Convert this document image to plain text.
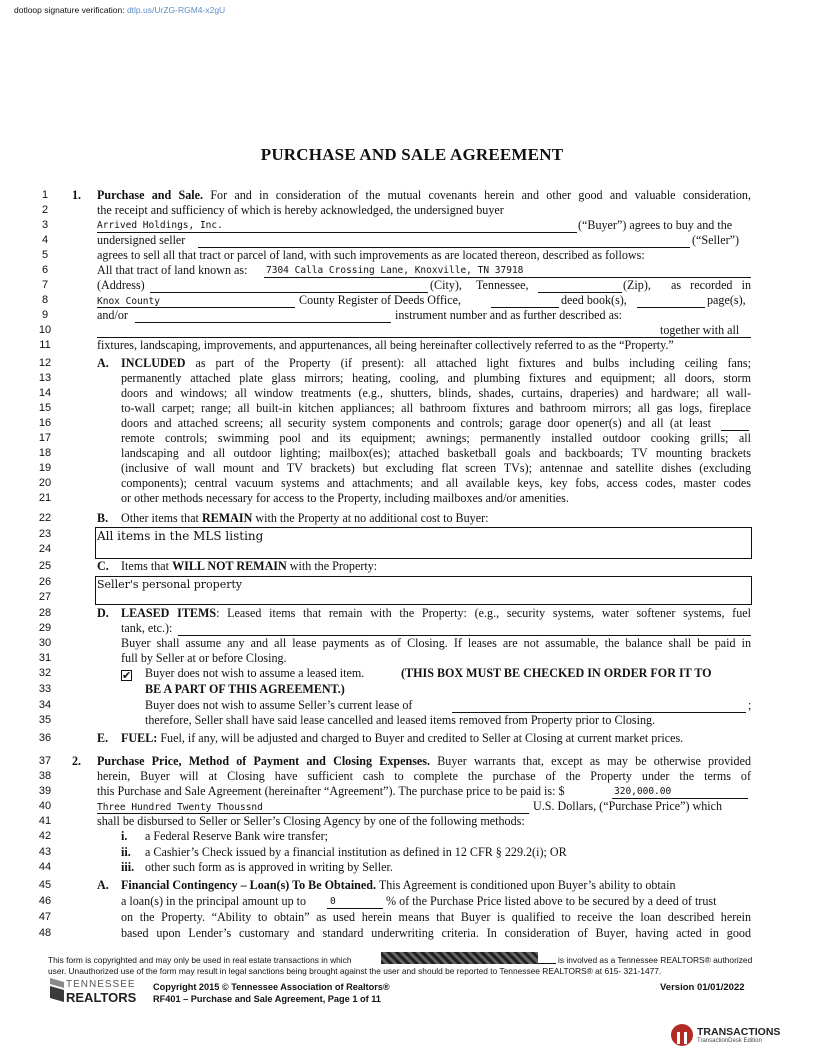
dotloop signature verification: dtlp.us/UrZG-RGM4-x2gU
PURCHASE AND SALE AGREEMENT
1
2
3
4
5
6
7
8
9
10
11
12
13
14
15
16
17
18
19
20
21
22
23
24
25
26
27
28
29
30
31
32
33
34
35
36
37
38
39
40
41
42
43
44
45
46
47
48
1. Purchase and Sale. For and in consideration of the mutual covenants herein and other good and valuable consideration,
the receipt and sufficiency of which is hereby acknowledged, the undersigned buyer
Arrived Holdings, Inc.	(“Buyer”) agrees to buy and the
undersigned seller	(“Seller”)
agrees to sell all that tract or parcel of land, with such improvements as are located thereon, described as follows:
All that tract of land known as: 7304 Calla Crossing Lane, Knoxville, TN 37918
(Address)	(City), Tennessee,	(Zip), as recorded in
Knox County	County Register of Deeds Office,	deed book(s),	page(s),
and/or	instrument number and as further described as:
together with all
fixtures, landscaping, improvements, and appurtenances, all being hereinafter collectively referred to as the “Property.”
A. INCLUDED as part of the Property (if present): all attached light fixtures and bulbs including ceiling fans;
permanently attached plate glass mirrors; heating, cooling, and plumbing fixtures and equipment; all doors, storm
doors and windows; all window treatments (e.g., shutters, blinds, shades, curtains, draperies) and hardware; all wall-
to-wall carpet; range; all built-in kitchen appliances; all bathroom fixtures and bathroom mirrors; all gas logs, fireplace
doors and attached screens; all security system components and controls; garage door opener(s) and all (at least
remote controls; swimming pool and its equipment; awnings; permanently installed outdoor cooking grills; all
landscaping and all outdoor lighting; mailbox(es); attached basketball goals and backboards; TV mounting brackets
(inclusive of wall mount and TV brackets) but excluding flat screen TVs); antennae and satellite dishes (excluding
components); central vacuum systems and attachments; and all available keys, key fobs, access codes, master codes
or other methods necessary for access to the Property, including mailboxes and/or amenities.
B. Other items that REMAIN with the Property at no additional cost to Buyer:
All items in the MLS listing
C. Items that WILL NOT REMAIN with the Property:
Seller's personal property
D. LEASED ITEMS: Leased items that remain with the Property: (e.g., security systems, water softener systems, fuel
tank, etc.):
Buyer shall assume any and all lease payments as of Closing. If leases are not assumable, the balance shall be paid in
full by Seller at or before Closing.
✔ Buyer does not wish to assume a leased item.	(THIS BOX MUST BE CHECKED IN ORDER FOR IT TO
BE A PART OF THIS AGREEMENT.)
Buyer does not wish to assume Seller’s current lease of	;
therefore, Seller shall have said lease cancelled and leased items removed from Property prior to Closing.
E. FUEL: Fuel, if any, will be adjusted and charged to Buyer and credited to Seller at Closing at current market prices.
2. Purchase Price, Method of Payment and Closing Expenses. Buyer warrants that, except as may be otherwise provided
herein, Buyer will at Closing have sufficient cash to complete the purchase of the Property under the terms of
this Purchase and Sale Agreement (hereinafter “Agreement”). The purchase price to be paid is: $	320,000.00
Three Hundred Twenty Thoussnd	U.S. Dollars, (“Purchase Price”) which
shall be disbursed to Seller or Seller’s Closing Agency by one of the following methods:
i. a Federal Reserve Bank wire transfer;
ii. a Cashier’s Check issued by a financial institution as defined in 12 CFR § 229.2(i); OR
iii. other such form as is approved in writing by Seller.
A. Financial Contingency – Loan(s) To Be Obtained. This Agreement is conditioned upon Buyer’s ability to obtain
a loan(s) in the principal amount up to	0	% of the Purchase Price listed above to be secured by a deed of trust
on the Property. “Ability to obtain” as used herein means that Buyer is qualified to receive the loan described herein
based upon Lender’s customary and standard underwriting criteria. In consideration of Buyer, having acted in good
This form is copyrighted and may only be used in real estate transactions in which	is involved as a Tennessee REALTORS® authorized
user. Unauthorized use of the form may result in legal sanctions being brought against the user and should be reported to Tennessee REALTORS® at 615- 321-1477.
TENNESSEE
REALTORS
Copyright 2015 © Tennessee Association of Realtors®
RF401 – Purchase and Sale Agreement, Page 1 of 11
Version 01/01/2022
TRANSACTIONS
TransactionDesk Edition
